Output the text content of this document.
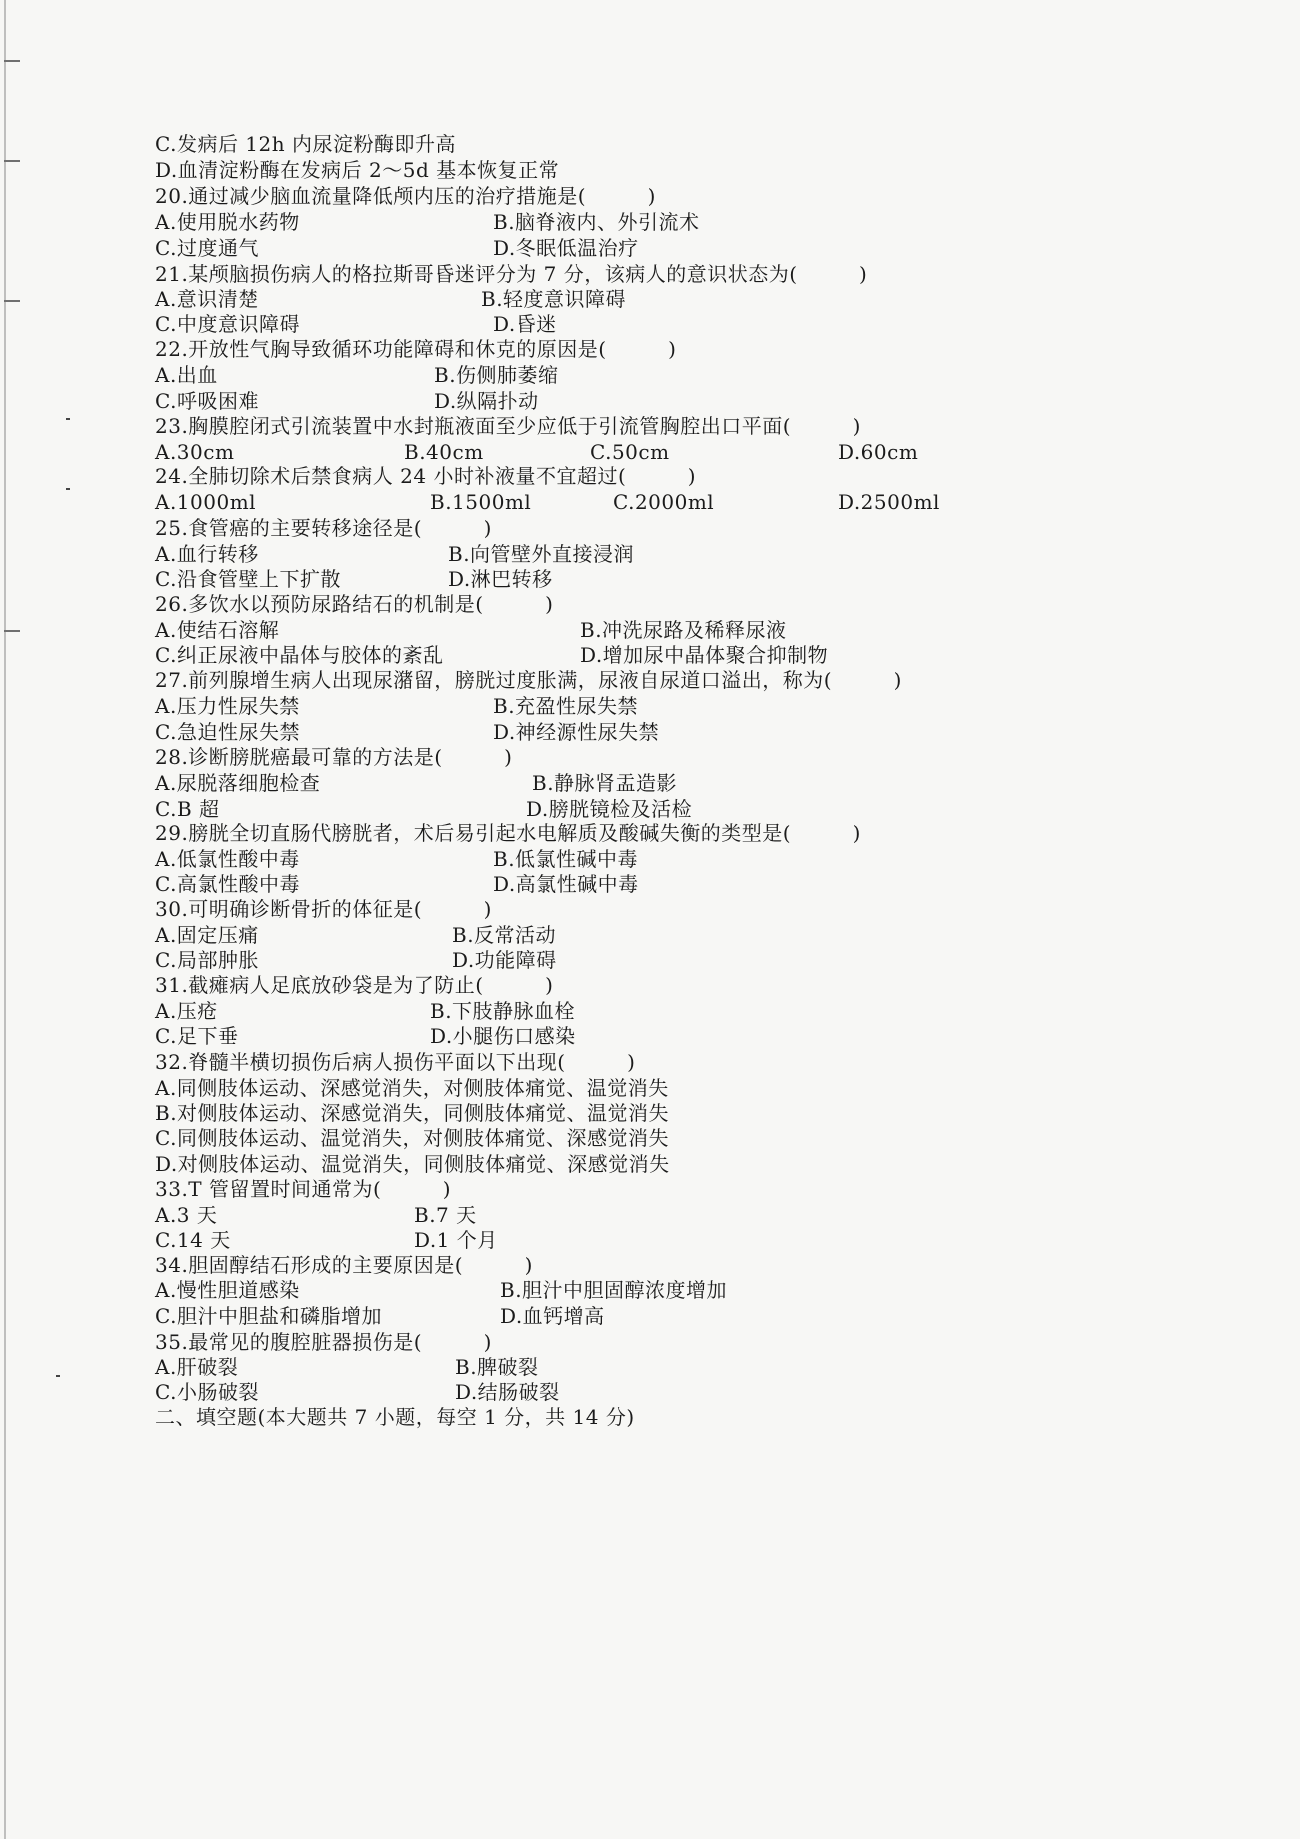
C.发病后 12h 内尿淀粉酶即升高
D.血清淀粉酶在发病后 2～5d 基本恢复正常
20.通过减少脑血流量降低颅内压的治疗措施是(　　　)
A.使用脱水药物	B.脑脊液内、外引流术
C.过度通气	D.冬眠低温治疗
21.某颅脑损伤病人的格拉斯哥昏迷评分为 7 分，该病人的意识状态为(　　　)
A.意识清楚	B.轻度意识障碍
C.中度意识障碍	D.昏迷
22.开放性气胸导致循环功能障碍和休克的原因是(　　　)
A.出血	B.伤侧肺萎缩
C.呼吸困难	D.纵隔扑动
23.胸膜腔闭式引流装置中水封瓶液面至少应低于引流管胸腔出口平面(　　　)
A.30cm	B.40cm	C.50cm	D.60cm
24.全肺切除术后禁食病人 24 小时补液量不宜超过(　　　)
A.1000ml	B.1500ml	C.2000ml	D.2500ml
25.食管癌的主要转移途径是(　　　)
A.血行转移	B.向管壁外直接浸润
C.沿食管壁上下扩散	D.淋巴转移
26.多饮水以预防尿路结石的机制是(　　　)
A.使结石溶解	B.冲洗尿路及稀释尿液
C.纠正尿液中晶体与胶体的紊乱	D.增加尿中晶体聚合抑制物
27.前列腺增生病人出现尿潴留，膀胱过度胀满，尿液自尿道口溢出，称为(　　　)
A.压力性尿失禁	B.充盈性尿失禁
C.急迫性尿失禁	D.神经源性尿失禁
28.诊断膀胱癌最可靠的方法是(　　　)
A.尿脱落细胞检查	B.静脉肾盂造影
C.B 超	D.膀胱镜检及活检
29.膀胱全切直肠代膀胱者，术后易引起水电解质及酸碱失衡的类型是(　　　)
A.低氯性酸中毒	B.低氯性碱中毒
C.高氯性酸中毒	D.高氯性碱中毒
30.可明确诊断骨折的体征是(　　　)
A.固定压痛	B.反常活动
C.局部肿胀	D.功能障碍
31.截瘫病人足底放砂袋是为了防止(　　　)
A.压疮	B.下肢静脉血栓
C.足下垂	D.小腿伤口感染
32.脊髓半横切损伤后病人损伤平面以下出现(　　　)
A.同侧肢体运动、深感觉消失，对侧肢体痛觉、温觉消失
B.对侧肢体运动、深感觉消失，同侧肢体痛觉、温觉消失
C.同侧肢体运动、温觉消失，对侧肢体痛觉、深感觉消失
D.对侧肢体运动、温觉消失，同侧肢体痛觉、深感觉消失
33.T 管留置时间通常为(　　　)
A.3 天	B.7 天
C.14 天	D.1 个月
34.胆固醇结石形成的主要原因是(　　　)
A.慢性胆道感染	B.胆汁中胆固醇浓度增加
C.胆汁中胆盐和磷脂增加	D.血钙增高
35.最常见的腹腔脏器损伤是(　　　)
A.肝破裂	B.脾破裂
C.小肠破裂	D.结肠破裂
二、填空题(本大题共 7 小题，每空 1 分，共 14 分)
